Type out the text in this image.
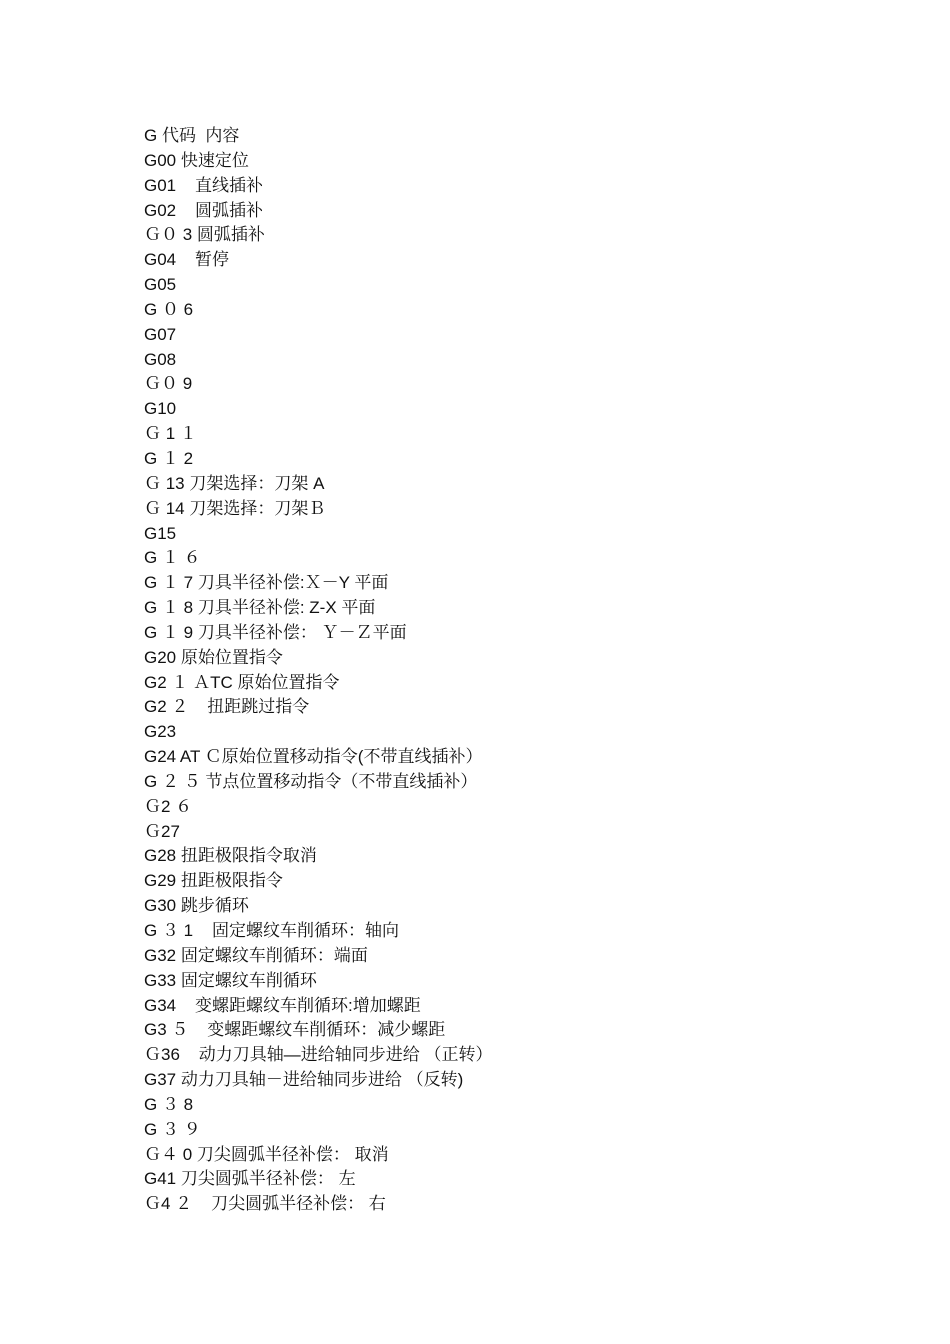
G 代码  内容
G00 快速定位
G01    直线插补
G02    圆弧插补
Ｇ０ 3 圆弧插补
G04    暂停
G05
G ０ 6
G07
G08
Ｇ０ 9
G10
Ｇ 1 １
G １ 2
Ｇ 13 刀架选择：刀架 A
Ｇ 14 刀架选择：刀架Ｂ
G15
G １ ６
G １ 7 刀具半径补偿:Ｘ－Y 平面
G １ 8 刀具半径补偿: Z-X 平面
G １ 9 刀具半径补偿： Ｙ－Ｚ平面
G20 原始位置指令
G2 １ ＡTC 原始位置指令
G2 ２    扭距跳过指令
G23
G24 AT Ｃ原始位置移动指令(不带直线插补）
G ２ ５ 节点位置移动指令（不带直线插补）
Ｇ2 ６
Ｇ27
G28 扭距极限指令取消
G29 扭距极限指令
G30 跳步循环
G ３ 1    固定螺纹车削循环：轴向
G32 固定螺纹车削循环：端面
G33 固定螺纹车削循环
G34    变螺距螺纹车削循环:增加螺距
G3 ５    变螺距螺纹车削循环：减少螺距
Ｇ36    动力刀具轴—进给轴同步进给 （正转）
G37 动力刀具轴－进给轴同步进给 （反转)
G ３ 8
G ３ ９
Ｇ４ 0 刀尖圆弧半径补偿： 取消
G41 刀尖圆弧半径补偿： 左
Ｇ4 ２    刀尖圆弧半径补偿： 右
